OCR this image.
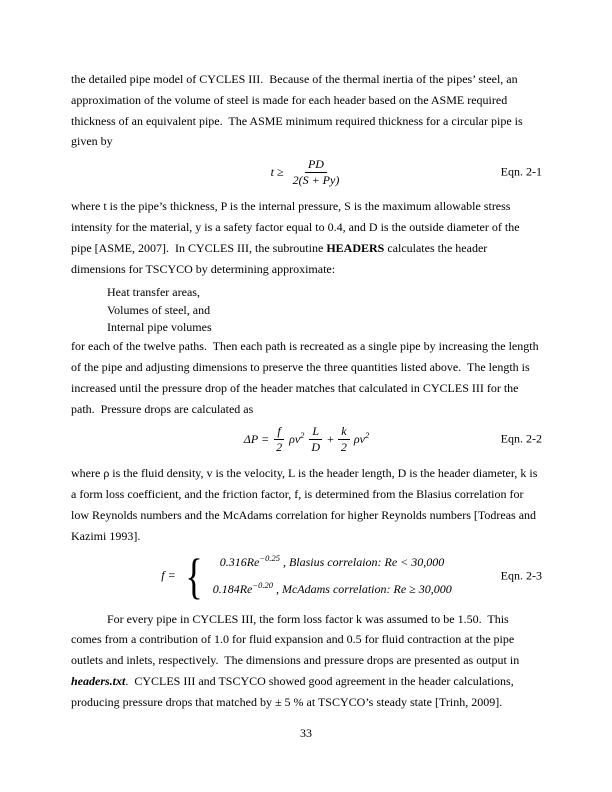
the detailed pipe model of CYCLES III.  Because of the thermal inertia of the pipes’ steel, an approximation of the volume of steel is made for each header based on the ASME required thickness of an equivalent pipe.  The ASME minimum required thickness for a circular pipe is given by

$t \ge \frac{PD}{2(S + Py)}$	Eqn. 2-1

where t is the pipe’s thickness, P is the internal pressure, S is the maximum allowable stress intensity for the material, y is a safety factor equal to 0.4, and D is the outside diameter of the pipe [ASME, 2007].  In CYCLES III, the subroutine HEADERS calculates the header dimensions for TSCYCO by determining approximate:

Heat transfer areas,
Volumes of steel, and
Internal pipe volumes

for each of the twelve paths.  Then each path is recreated as a single pipe by increasing the length of the pipe and adjusting dimensions to preserve the three quantities listed above.  The length is increased until the pressure drop of the header matches that calculated in CYCLES III for the path.  Pressure drops are calculated as

$\Delta P = \frac{f}{2} \rho v^2 \frac{L}{D} + \frac{k}{2} \rho v^2$	Eqn. 2-2

where ρ is the fluid density, v is the velocity, L is the header length, D is the header diameter, k is a form loss coefficient, and the friction factor, f, is determined from the Blasius correlation for low Reynolds numbers and the McAdams correlation for higher Reynolds numbers [Todreas and Kazimi 1993].

f = {	$0.316Re^{-0.25}$ , Blasius correlaion: Re < 30,000
$0.184Re^{-0.20}$ , McAdams correlation: Re ≥ 30,000
Eqn. 2-3

For every pipe in CYCLES III, the form loss factor k was assumed to be 1.50.  This comes from a contribution of 1.0 for fluid expansion and 0.5 for fluid contraction at the pipe outlets and inlets, respectively.  The dimensions and pressure drops are presented as output in headers.txt.  CYCLES III and TSCYCO showed good agreement in the header calculations, producing pressure drops that matched by ± 5 % at TSCYCO’s steady state [Trinh, 2009].

33
